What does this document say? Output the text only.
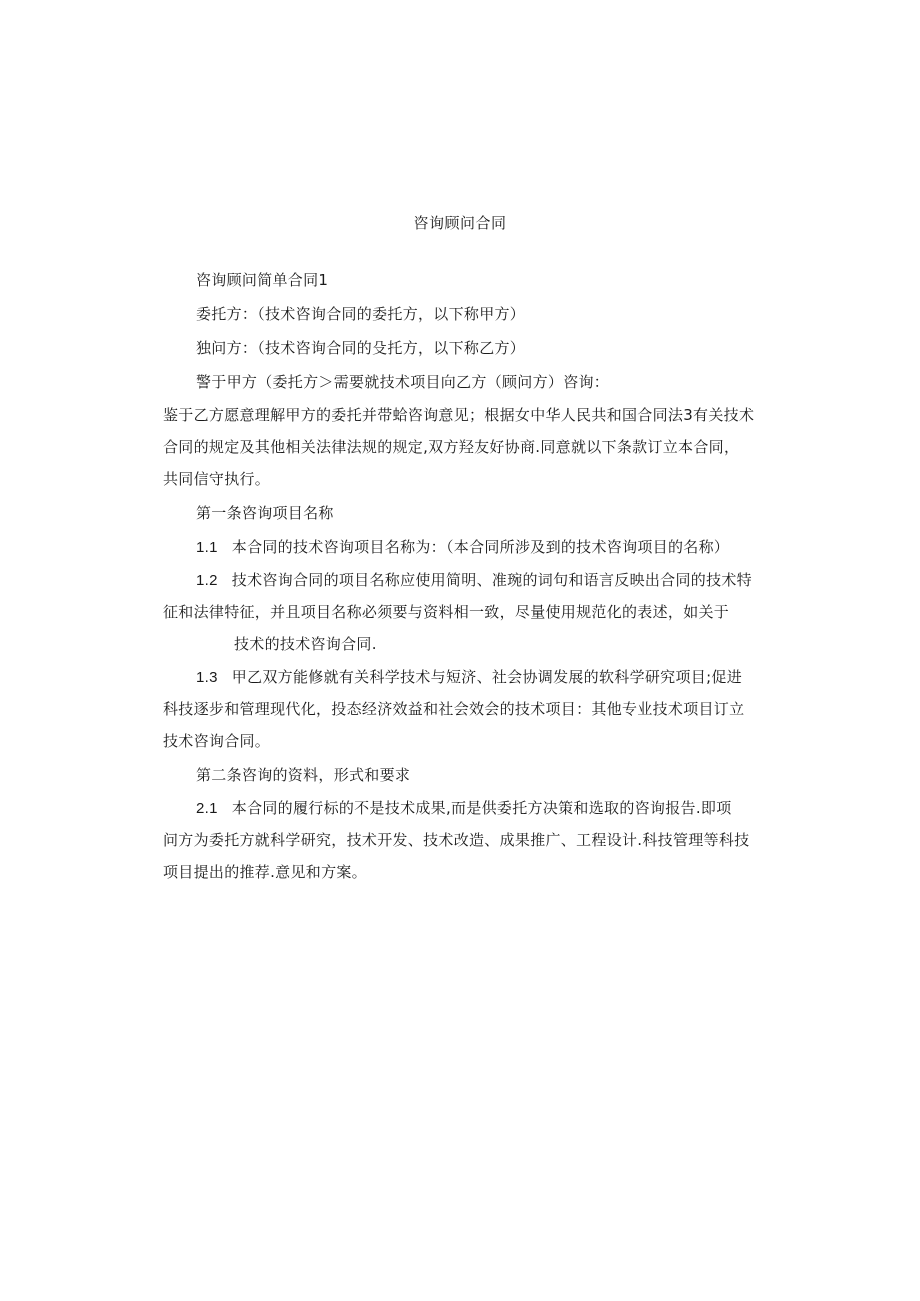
咨询顾问合同
咨询顾问简单合同1
委托方：（技术咨询合同的委托方，以下称甲方）
独问方：（技术咨询合同的殳托方，以下称乙方）
警于甲方（委托方＞需要就技术项目向乙方（顾问方）咨询：
鉴于乙方愿意理解甲方的委托并带蛤咨询意见；根据女中华人民共和国合同法3有关技术
合同的规定及其他相关法律法规的规定,双方羟友好协商.同意就以下条款订立本合同，
共同信守执行。
第一条咨询项目名称
1.1 本合同的技术咨询项目名称为：（本合同所涉及到的技术咨询项目的名称）
1.2 技术咨询合同的项目名称应使用简明、准琬的词句和语言反映出合同的技术特
征和法律特征，并且项目名称必须要与资料相一致，尽量使用规范化的表述，如关于
技术的技术咨询合同.
1.3 甲乙双方能修就有关科学技术与短济、社会协调发展的软科学研究项目;促进
科技逐步和管理现代化，投态经济效益和社会效会的技术项目：其他专业技术项目订立
技术咨询合同。
第二条咨询的资料，形式和要求
2.1 本合同的履行标的不是技术成果,而是供委托方决策和选取的咨询报告.即项
问方为委托方就科学研究，技术开发、技术改造、成果推广、工程设计.科技管理等科技
项目提出的推荐.意见和方案。
